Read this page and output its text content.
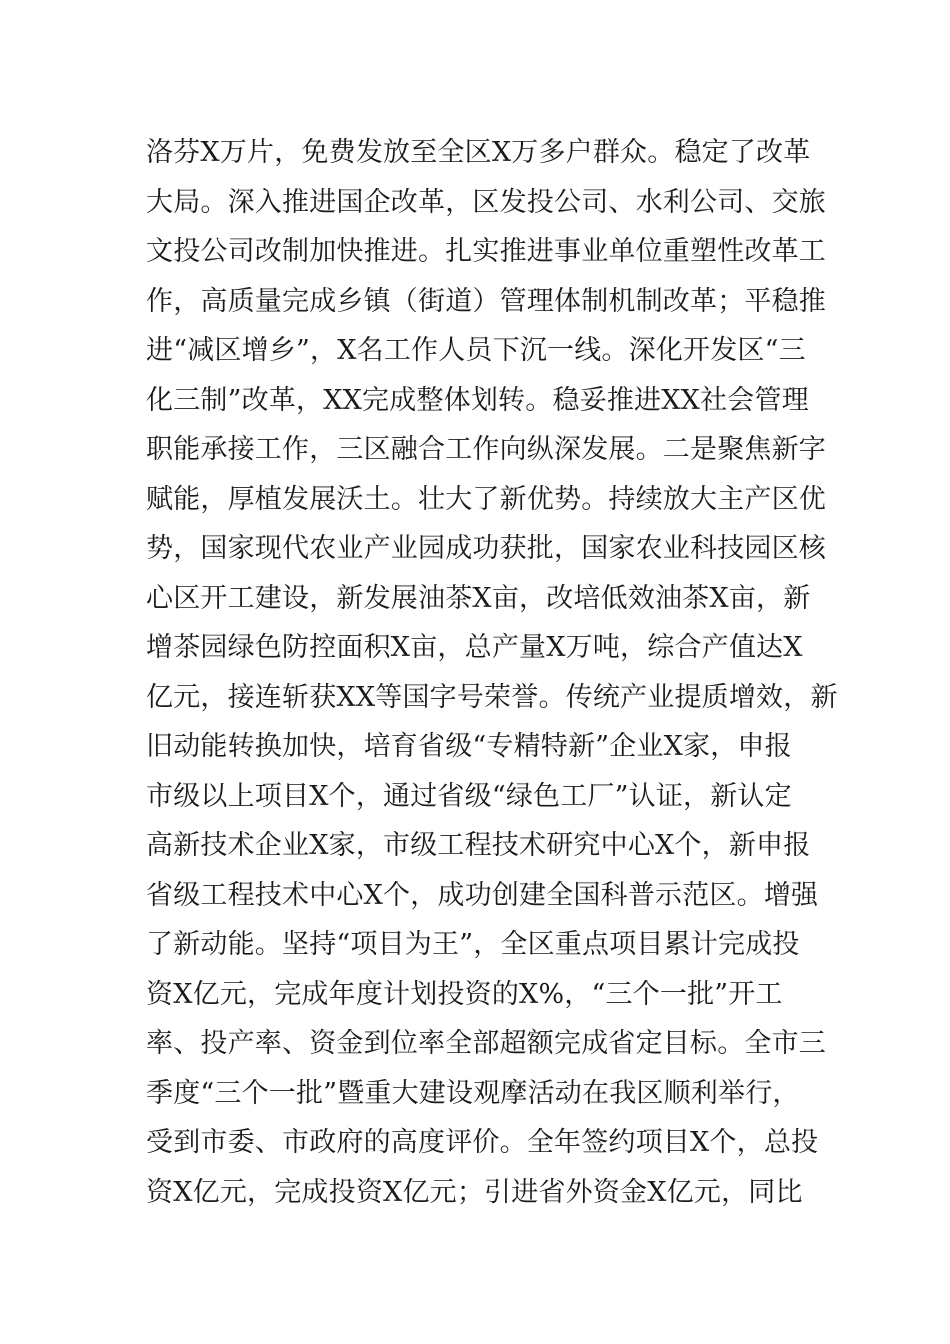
洛芬X万片，免费发放至全区X万多户群众。稳定了改革
大局。深入推进国企改革，区发投公司、水利公司、交旅
文投公司改制加快推进。扎实推进事业单位重塑性改革工
作，高质量完成乡镇（街道）管理体制机制改革；平稳推
进“减区增乡”，X名工作人员下沉一线。深化开发区“三
化三制”改革，XX完成整体划转。稳妥推进XX社会管理
职能承接工作，三区融合工作向纵深发展。二是聚焦新字
赋能，厚植发展沃土。壮大了新优势。持续放大主产区优
势，国家现代农业产业园成功获批，国家农业科技园区核
心区开工建设，新发展油茶X亩，改培低效油茶X亩，新
增茶园绿色防控面积X亩，总产量X万吨，综合产值达X
亿元，接连斩获XX等国字号荣誉。传统产业提质增效，新
旧动能转换加快，培育省级“专精特新”企业X家，申报
市级以上项目X个，通过省级“绿色工厂”认证，新认定
高新技术企业X家，市级工程技术研究中心X个，新申报
省级工程技术中心X个，成功创建全国科普示范区。增强
了新动能。坚持“项目为王”，全区重点项目累计完成投
资X亿元，完成年度计划投资的X%，“三个一批”开工
率、投产率、资金到位率全部超额完成省定目标。全市三
季度“三个一批”暨重大建设观摩活动在我区顺利举行，
受到市委、市政府的高度评价。全年签约项目X个，总投
资X亿元，完成投资X亿元；引进省外资金X亿元，同比
